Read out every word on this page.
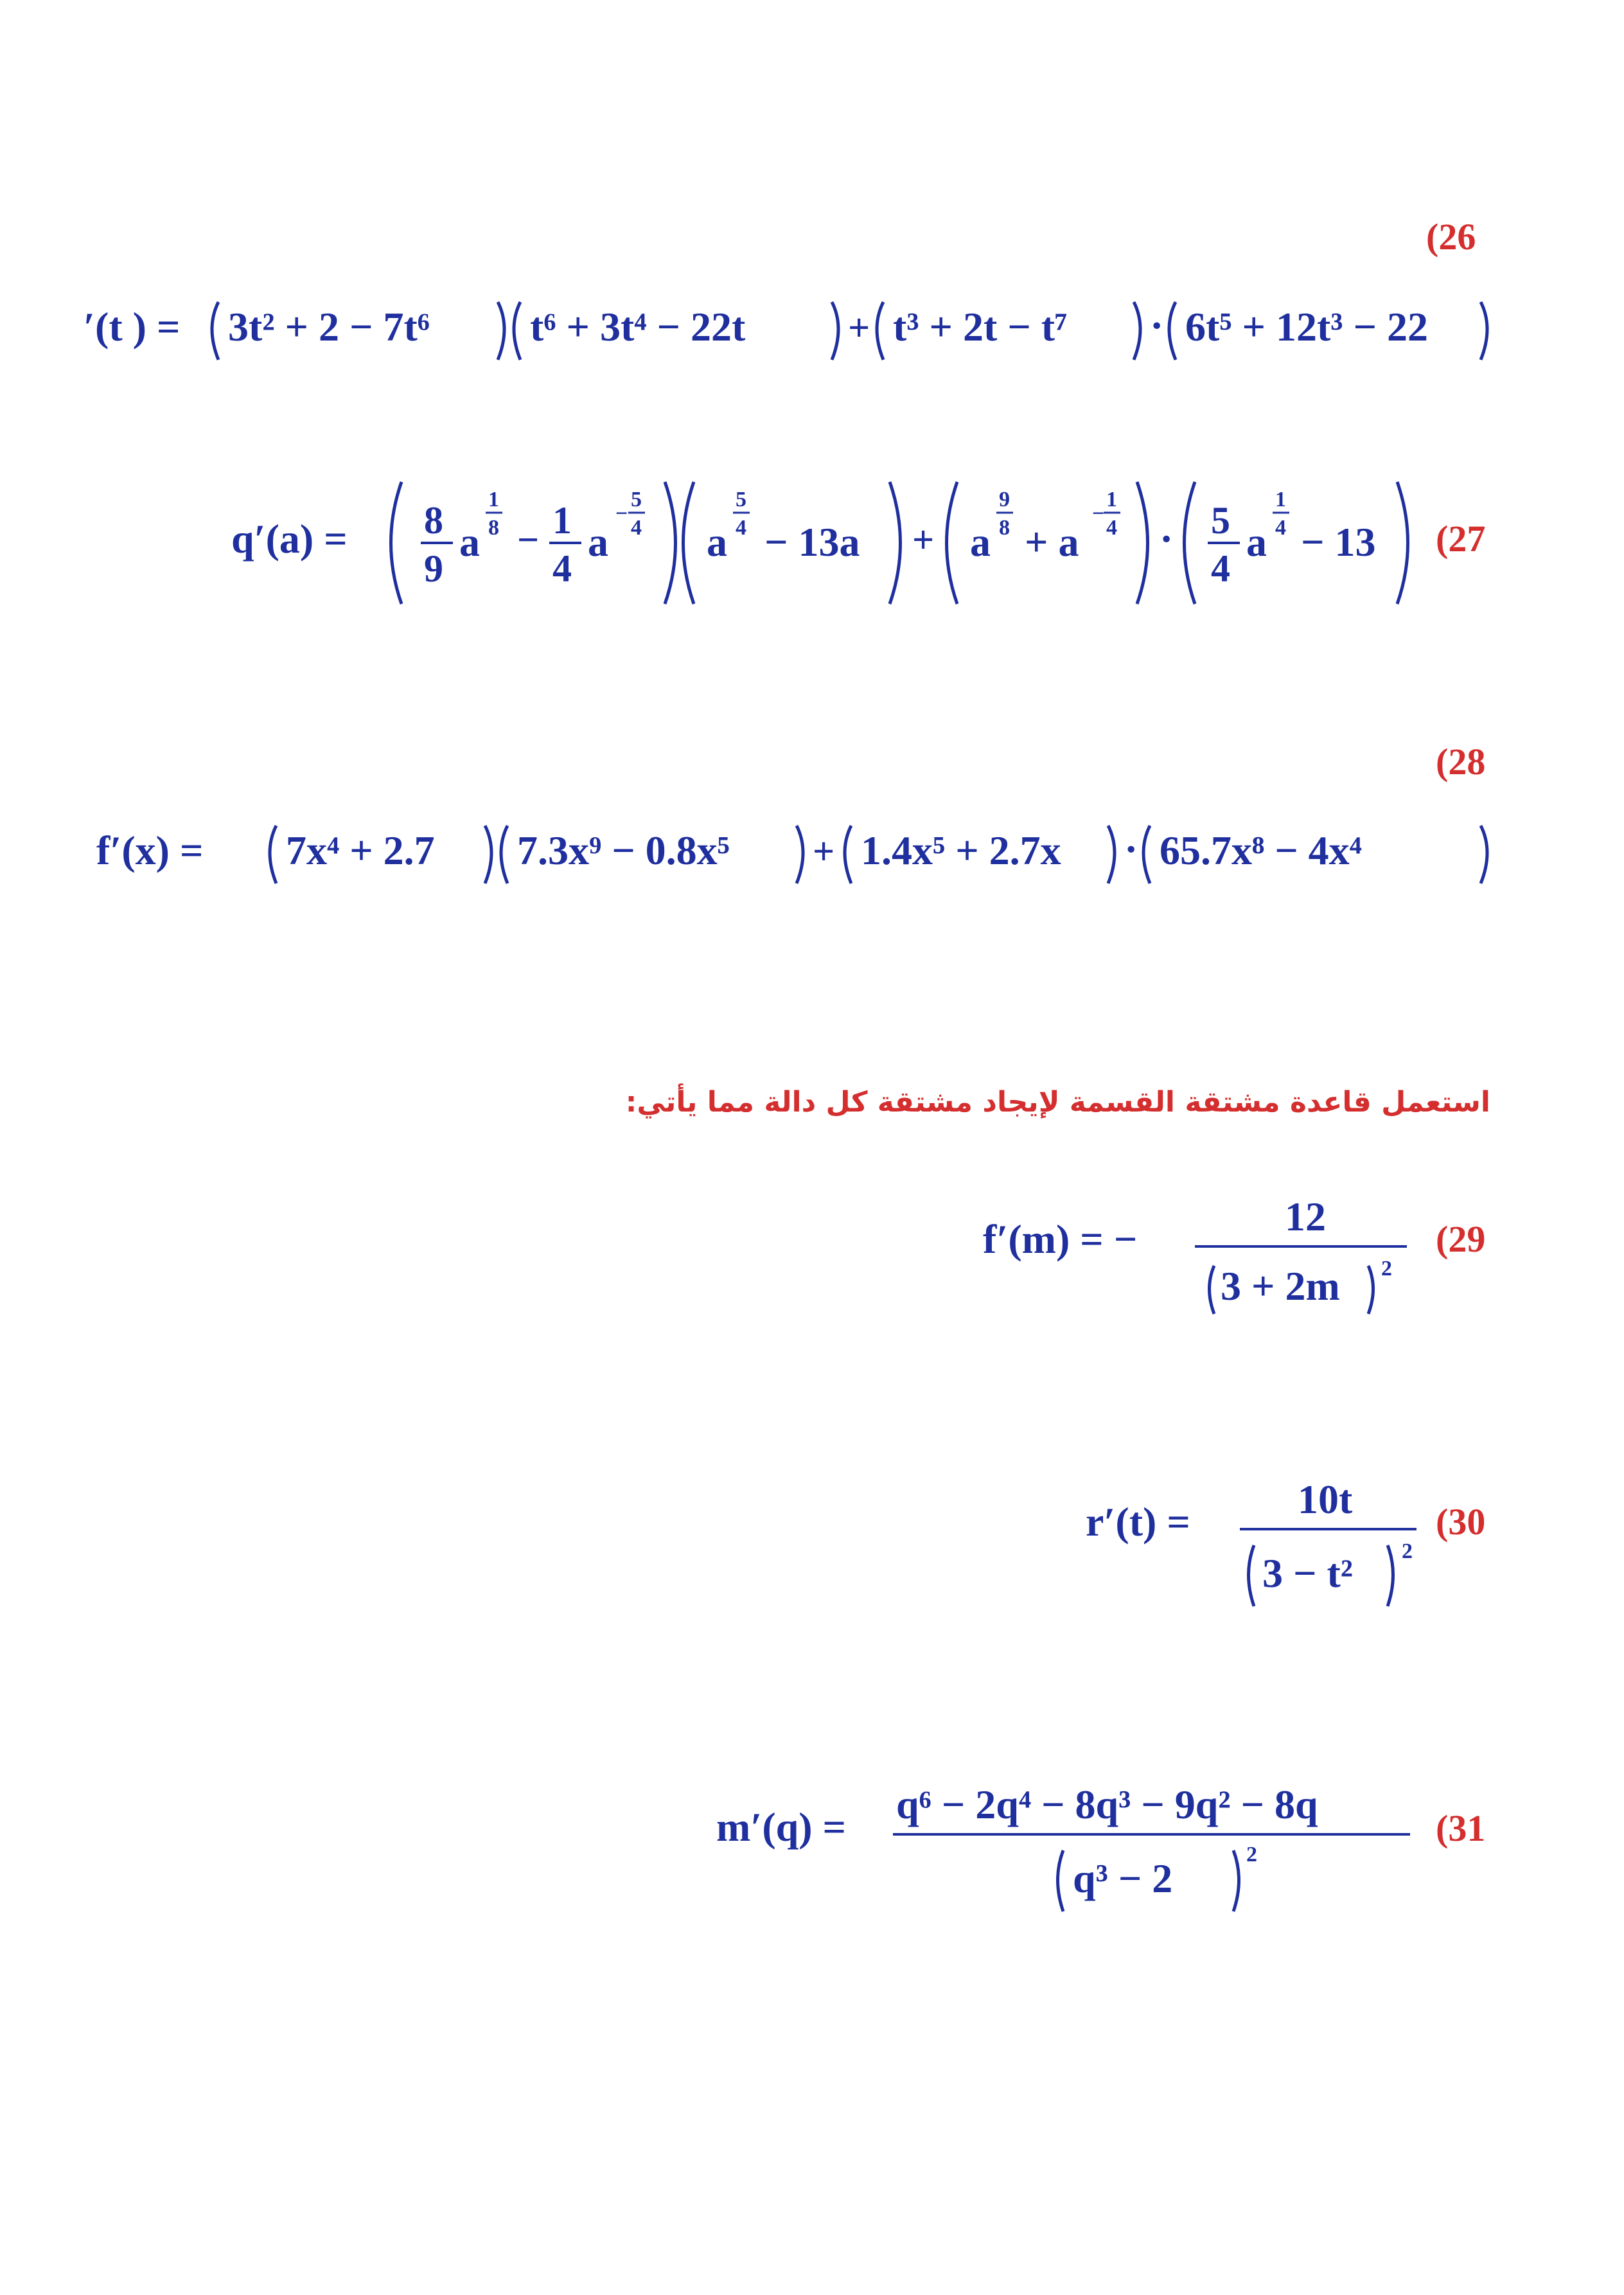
(26
′(t ) = 3t² + 2 − 7t⁶ t⁶ + 3t⁴ − 22t	+ t³ + 2t − t⁷ · 6t⁵ + 12t³ − 22
(27
q′(a) = 8
9
a
1
8 − 1
4
a
−
5
4 a
5
4 − 13a + a
9
8 + a
−
1
4 · 5
4
a
1
4 − 13
(28
f′(x) = 7x⁴ + 2.7 7.3x⁹ − 0.8x⁵ + 1.4x⁵ + 2.7x · 65.7x⁸ − 4x⁴
استعمل قاعدة مشتقة القسمة لإيجاد مشتقة كل دالة مما يأتي:
(29
f′(m) = −	12
3 + 2m 2
(30
r′(t) =	10t
3 − t² 2
(31
m′(q) = q⁶ − 2q⁴ − 8q³ − 9q² − 8q
q³ − 2
2
